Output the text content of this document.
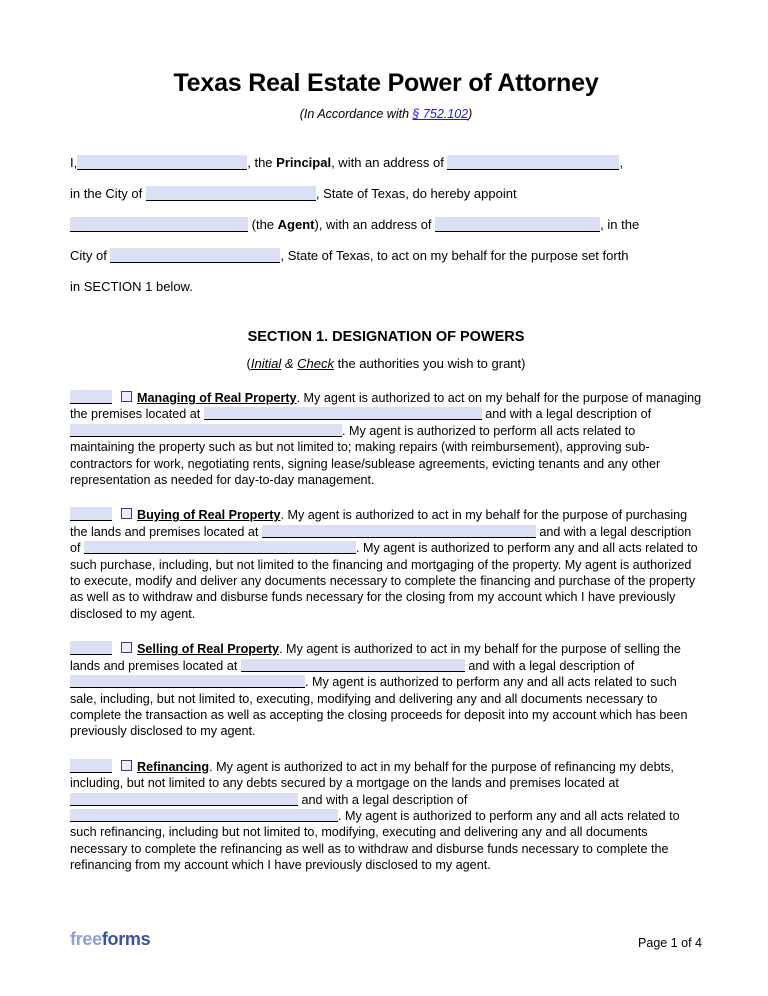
Texas Real Estate Power of Attorney
(In Accordance with § 752.102)
I,	, the Principal, with an address of	,
in the City of	, State of Texas, do hereby appoint
(the Agent), with an address of	, in the
City of	, State of Texas, to act on my behalf for the purpose set forth
in SECTION 1 below.
SECTION 1. DESIGNATION OF POWERS
(Initial & Check the authorities you wish to grant)
Managing of Real Property. My agent is authorized to act on my behalf for the purpose of managing the premises located at	and with a legal description of . My agent is authorized to perform all acts related to maintaining the property such as but not limited to; making repairs (with reimbursement), approving sub-contractors for work, negotiating rents, signing lease/sublease agreements, evicting tenants and any other representation as needed for day-to-day management.
Buying of Real Property. My agent is authorized to act in my behalf for the purpose of purchasing the lands and premises located at	and with a legal description of	. My agent is authorized to perform any and all acts related to such purchase, including, but not limited to the financing and mortgaging of the property. My agent is authorized to execute, modify and deliver any documents necessary to complete the financing and purchase of the property as well as to withdraw and disburse funds necessary for the closing from my account which I have previously disclosed to my agent.
Selling of Real Property. My agent is authorized to act in my behalf for the purpose of selling the lands and premises located at	and with a legal description of . My agent is authorized to perform any and all acts related to such sale, including, but not limited to, executing, modifying and delivering any and all documents necessary to complete the transaction as well as accepting the closing proceeds for deposit into my account which has been previously disclosed to my agent.
Refinancing. My agent is authorized to act in my behalf for the purpose of refinancing my debts, including, but not limited to any debts secured by a mortgage on the lands and premises located at  and with a legal description of . My agent is authorized to perform any and all acts related to such refinancing, including but not limited to, modifying, executing and delivering any and all documents necessary to complete the refinancing as well as to withdraw and disburse funds necessary to complete the refinancing from my account which I have previously disclosed to my agent.
freeforms	Page 1 of 4
